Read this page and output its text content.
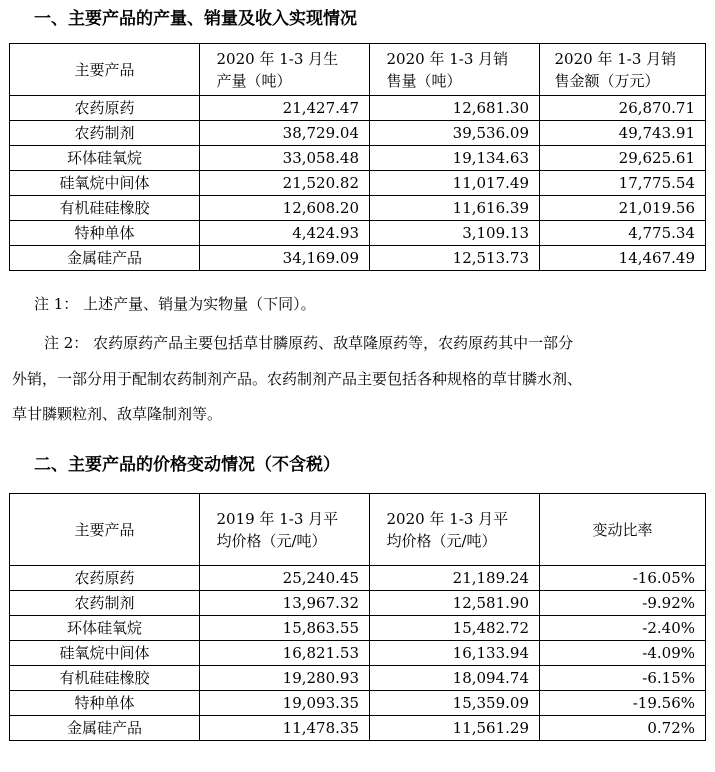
一、主要产品的产量、销量及收入实现情况
主要产品	2020 年 1-3 月生产量（吨）	2020 年 1-3 月销售量（吨）	2020 年 1-3 月销售金额（万元）
农药原药	21,427.47	12,681.30	26,870.71
农药制剂	38,729.04	39,536.09	49,743.91
环体硅氧烷	33,058.48	19,134.63	29,625.61
硅氧烷中间体	21,520.82	11,017.49	17,775.54
有机硅硅橡胶	12,608.20	11,616.39	21,019.56
特种单体	4,424.93	3,109.13	4,775.34
金属硅产品	34,169.09	12,513.73	14,467.49

注 1： 上述产量、销量为实物量（下同）。

注 2： 农药原药产品主要包括草甘膦原药、敌草隆原药等，农药原药其中一部分
外销，一部分用于配制农药制剂产品。农药制剂产品主要包括各种规格的草甘膦水剂、
草甘膦颗粒剂、敌草隆制剂等。
二、主要产品的价格变动情况（不含税）
主要产品	2019 年 1-3 月平均价格（元/吨）	2020 年 1-3 月平均价格（元/吨）	变动比率
农药原药	25,240.45	21,189.24	-16.05%
农药制剂	13,967.32	12,581.90	-9.92%
环体硅氧烷	15,863.55	15,482.72	-2.40%
硅氧烷中间体	16,821.53	16,133.94	-4.09%
有机硅硅橡胶	19,280.93	18,094.74	-6.15%
特种单体	19,093.35	15,359.09	-19.56%
金属硅产品	11,478.35	11,561.29	0.72%
